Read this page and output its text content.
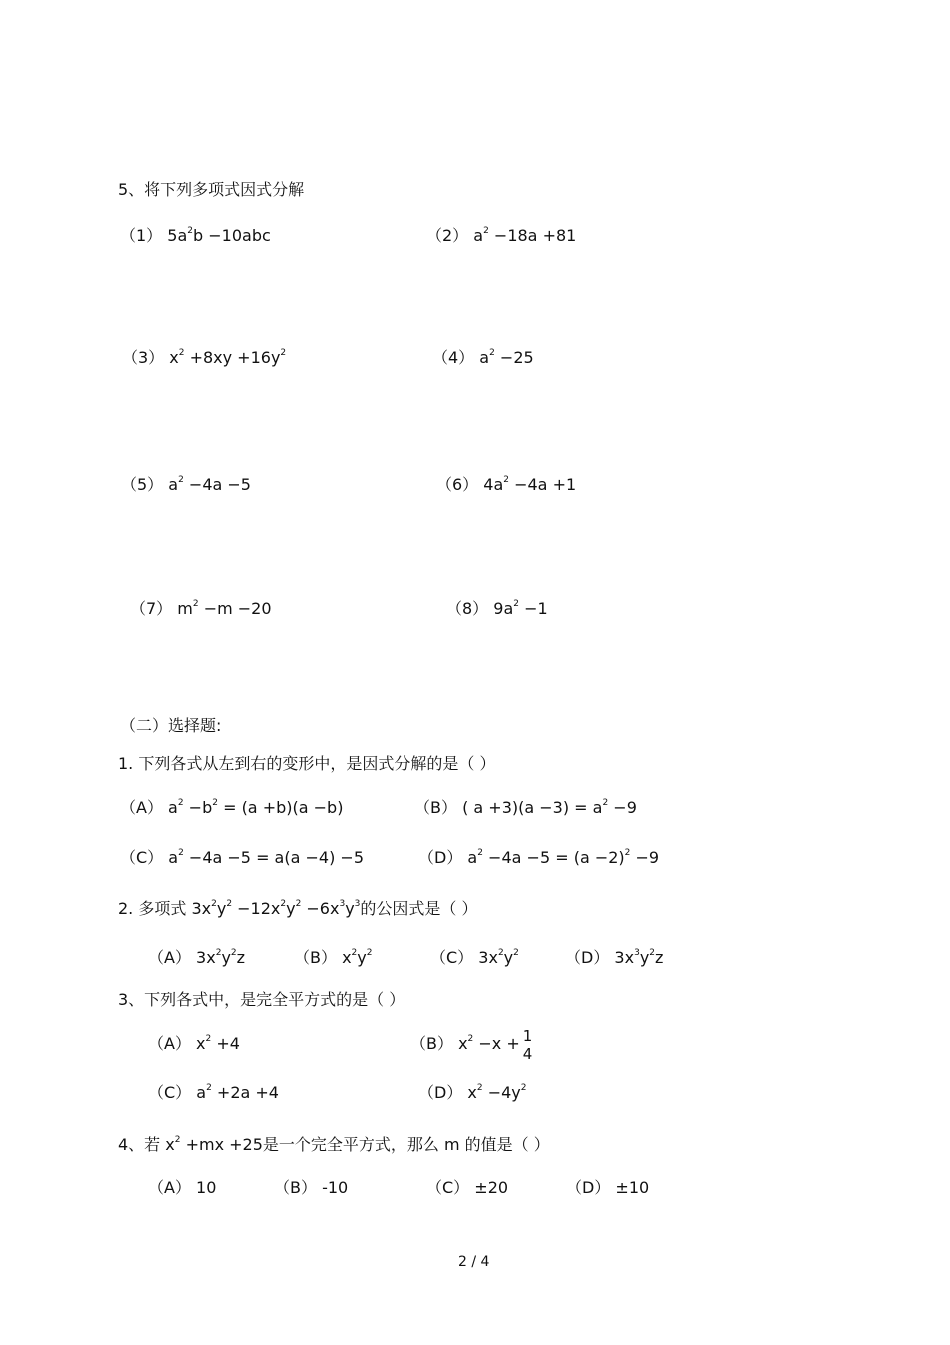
5、将下列多项式因式分解
（1） $5a^2b -10abc$	（2） $a^2 -18a +81$
（3） $x^2 +8xy +16y^2$	（4） $a^2 -25$
（5） $a^2 -4a -5$	（6） $4a^2 -4a +1$
（7） $m^2 -m -20$	（8） $9a^2 -1$
（二）选择题:
1. 下列各式从左到右的变形中，是因式分解的是（ ）
（A） $a^2 -b^2 = (a +b)(a -b)$	（B） ( $a +3)(a -3) = a^2 -9$
（C） $a^2 -4a -5 = a(a -4) -5$	（D） $a^2 -4a -5 = (a -2)^2 -9$
2. 多项式 $3x^2y^2 -12x^2y^2 -6x^3y^3$的公因式是（ ）
（A） $3x^2y^2z$	（B） $x^2y^2$	（C） $3x^2y^2$	（D） $3x^3y^2z$
3、下列各式中，是完全平方式的是（ ）
（A） $x^2 +4$	（B） $x^2 -x + 1$
4
（C） $a^2 +2a +4$	（D） $x^2 -4y^2$
4、若 $x^2 +mx +25$是一个完全平方式，那么 m 的值是（ ）
（A） 10	（B） -10	（C） ±20	（D） ±10
2 / 4
